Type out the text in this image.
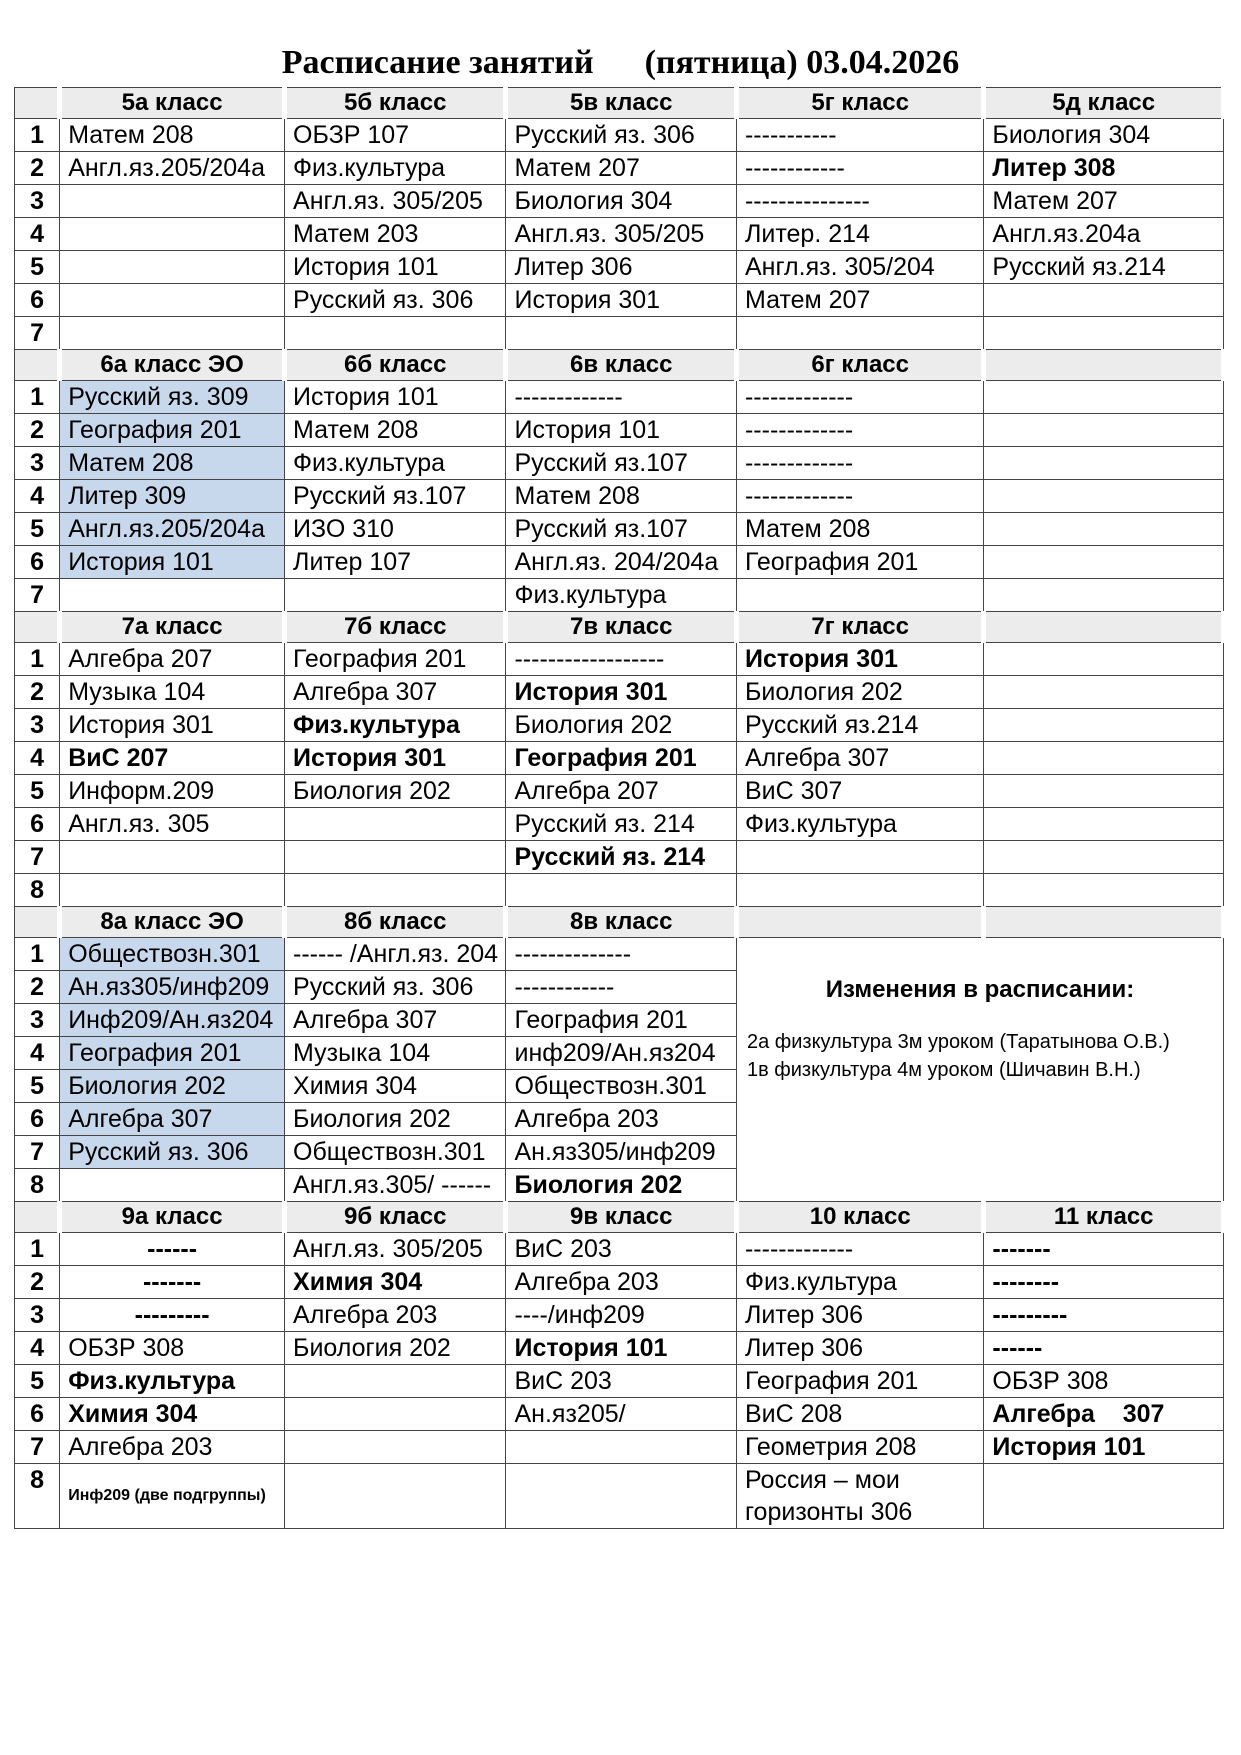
Расписание занятий      (пятница) 03.04.2026
	5а класс	5б класс	5в класс	5г класс	5д класс
1	Матем 208	ОБЗР 107	Русский яз. 306	-----------	Биология 304
2	Англ.яз.205/204а	Физ.культура	Матем 207	------------	Литер 308
3		Англ.яз. 305/205	Биология 304	---------------	Матем 207
4		Матем 203	Англ.яз. 305/205	Литер. 214	Англ.яз.204а
5		История 101	Литер 306	Англ.яз. 305/204	Русский яз.214
6		Русский яз. 306	История 301	Матем 207	
7					
	6а класс ЭО	6б класс	6в класс	6г класс	
1	Русский яз. 309	История 101	-------------	-------------	
2	География 201	Матем 208	История 101	-------------	
3	Матем 208	Физ.культура	Русский яз.107	-------------	
4	Литер 309	Русский яз.107	Матем 208	-------------	
5	Англ.яз.205/204а	ИЗО 310	Русский яз.107	Матем 208	
6	История 101	Литер 107	Англ.яз. 204/204а	География 201	
7			Физ.культура		
	7а класс	7б класс	7в класс	7г класс	
1	Алгебра 207	География 201	------------------	История 301	
2	Музыка 104	Алгебра 307	История 301	Биология 202	
3	История 301	Физ.культура	Биология 202	Русский яз.214	
4	ВиС 207	История 301	География 201	Алгебра 307	
5	Информ.209	Биология 202	Алгебра 207	ВиС 307	
6	Англ.яз. 305		Русский яз. 214	Физ.культура	
7			Русский яз. 214		
8					
	8а класс ЭО	8б класс	8в класс		
1	Обществозн.301	------ /Англ.яз. 204	--------------	Изменения в расписании:
2а физкультура 3м уроком (Таратынова О.В.)
1в физкультура 4м уроком (Шичавин В.Н.)	

2	Ан.яз305/инф209	Русский яз. 306	------------		
3	Инф209/Ан.яз204	Алгебра 307	География 201		
4	География 201	Музыка 104	инф209/Ан.яз204		
5	Биология 202	Химия 304	Обществозн.301		
6	Алгебра 307	Биология 202	Алгебра 203		
7	Русский яз. 306	Обществозн.301	Ан.яз305/инф209		
8		Англ.яз.305/ ------	Биология 202		
	9а класс	9б класс	9в класс	10 класс	11 класс
1	------	Англ.яз. 305/205	ВиС 203	-------------	-------
2	-------	Химия 304	Алгебра 203	Физ.культура	--------
3	---------	Алгебра 203	----/инф209	Литер 306	---------
4	ОБЗР 308	Биология 202	История 101	Литер 306	------
5	Физ.культура		ВиС 203	География 201	ОБЗР 308
6	Химия 304		Ан.яз205/	ВиС 208	Алгебра    307
7	Алгебра 203			Геометрия 208	История 101
8	Инф209 (две подгруппы)			Россия – мои горизонты 306	
